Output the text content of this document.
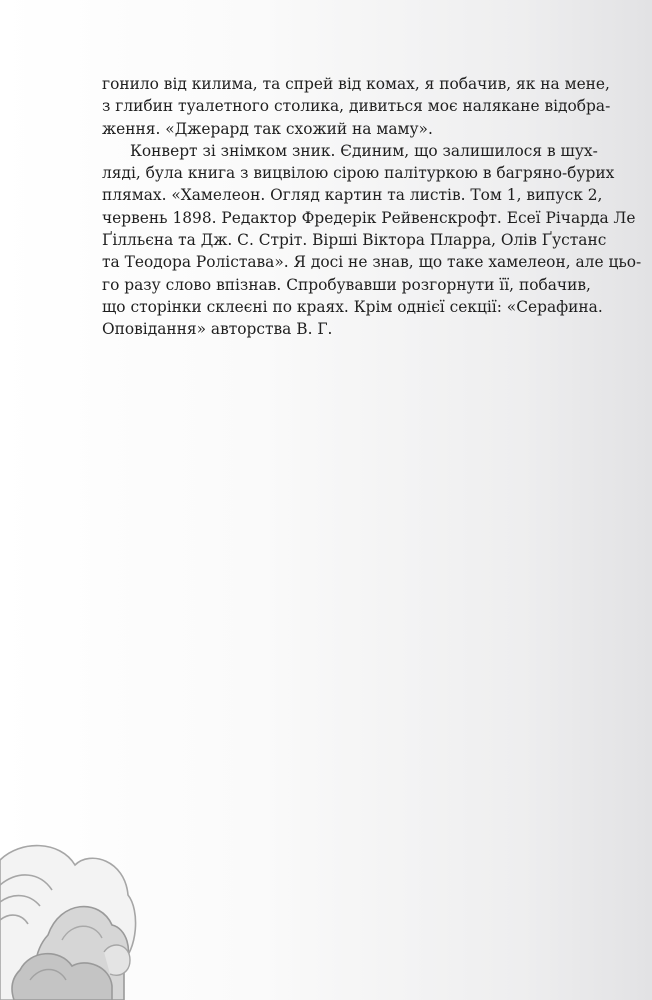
гонило від килима, та спрей від комах, я побачив, як на мене,
з глибин туалетного столика, дивиться моє налякане відобра-
ження. «Джерард так схожий на маму».
Конверт зі знімком зник. Єдиним, що залишилося в шух-
ляді, була книга з вицвілою сірою палітуркою в багряно-бурих
плямах. «Хамелеон. Огляд картин та листів. Том 1, випуск 2,
червень 1898. Редактор Фредерік Рейвенскрофт. Есеї Річарда Ле
Ґілльєна та Дж. С. Стріт. Вірші Віктора Пларра, Олів Ґустанс
та Теодора Ролістава». Я досі не знав, що таке хамелеон, але цьо-
го разу слово впізнав. Спробувавши розгорнути її, побачив,
що сторінки склеєні по краях. Крім однієї секції: «Серафина.
Оповідання» авторства В. Г.
